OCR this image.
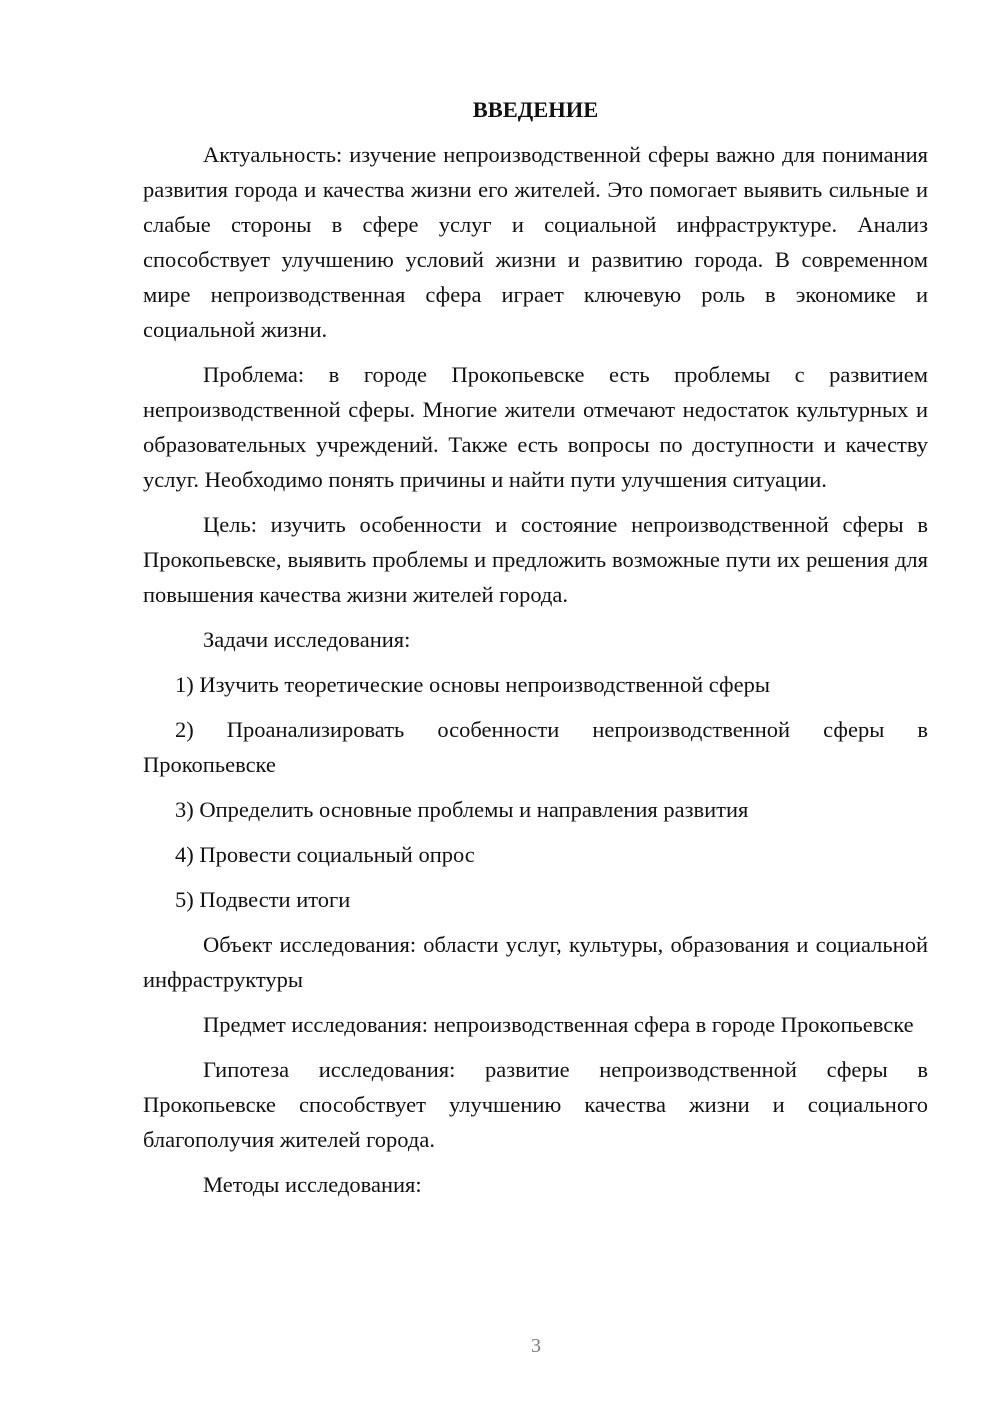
ВВЕДЕНИЕ

Актуальность: изучение непроизводственной сферы важно для понимания развития города и качества жизни его жителей. Это помогает выявить сильные и слабые стороны в сфере услуг и социальной инфраструктуре. Анализ способствует улучшению условий жизни и развитию города. В современном мире непроизводственная сфера играет ключевую роль в экономике и социальной жизни.

Проблема: в городе Прокопьевске есть проблемы с развитием непроизводственной сферы. Многие жители отмечают недостаток культурных и образовательных учреждений. Также есть вопросы по доступности и качеству услуг. Необходимо понять причины и найти пути улучшения ситуации.

Цель: изучить особенности и состояние непроизводственной сферы в Прокопьевске, выявить проблемы и предложить возможные пути их решения для повышения качества жизни жителей города.

Задачи исследования:

1) Изучить теоретические основы непроизводственной сферы

2) Проанализировать особенности непроизводственной сферы в Прокопьевске

3) Определить основные проблемы и направления развития

4) Провести социальный опрос

5) Подвести итоги

Объект исследования: области услуг, культуры, образования и социальной инфраструктуры

Предмет исследования: непроизводственная сфера в городе Прокопьевске

Гипотеза исследования: развитие непроизводственной сферы в Прокопьевске способствует улучшению качества жизни и социального благополучия жителей города.

Методы исследования:

3
